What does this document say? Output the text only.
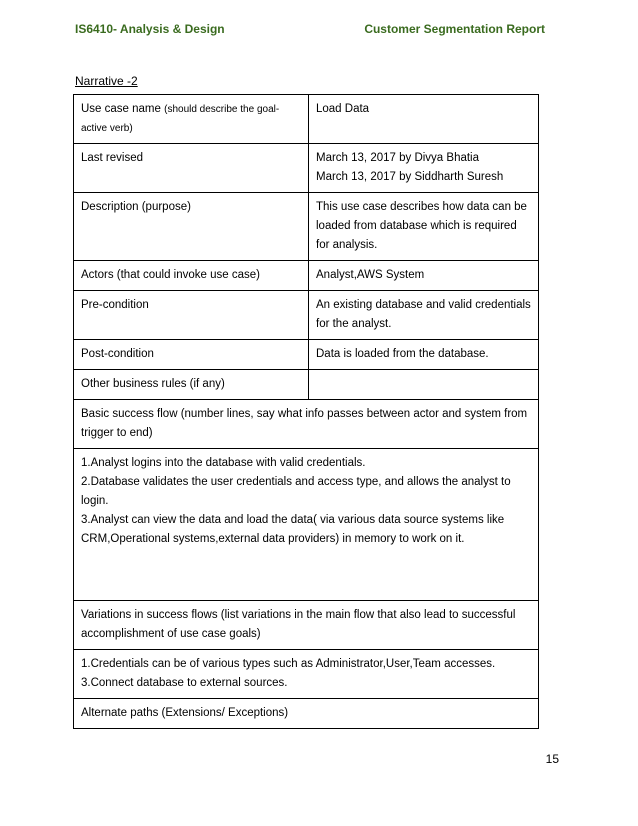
IS6410- Analysis & Design	Customer Segmentation Report
Narrative -2
Use case name (should describe the goal-active verb)	Load Data
Last revised	March 13, 2017 by Divya Bhatia
March 13, 2017 by Siddharth Suresh

Description (purpose)	This use case describes how data can be loaded from database which is required for analysis.
Actors (that could invoke use case)	Analyst,AWS System
Pre-condition	An existing database and valid credentials for the analyst.
Post-condition	Data is loaded from the database.
Other business rules (if any)	
Basic success flow (number lines, say what info passes between actor and system from trigger to end)	

1.Analyst logins into the database with valid credentials.
2.Database validates the user credentials and access type, and allows the analyst to login.
3.Analyst can view the data and load the data( via various data source systems like CRM,Operational systems,external data providers) in memory to work on it.	

Variations in success flows (list variations in the main flow that also lead to successful accomplishment of use case goals)	

1.Credentials can be of various types such as Administrator,User,Team accesses.
3.Connect database to external sources.	

Alternate paths (Extensions/ Exceptions)	
15
